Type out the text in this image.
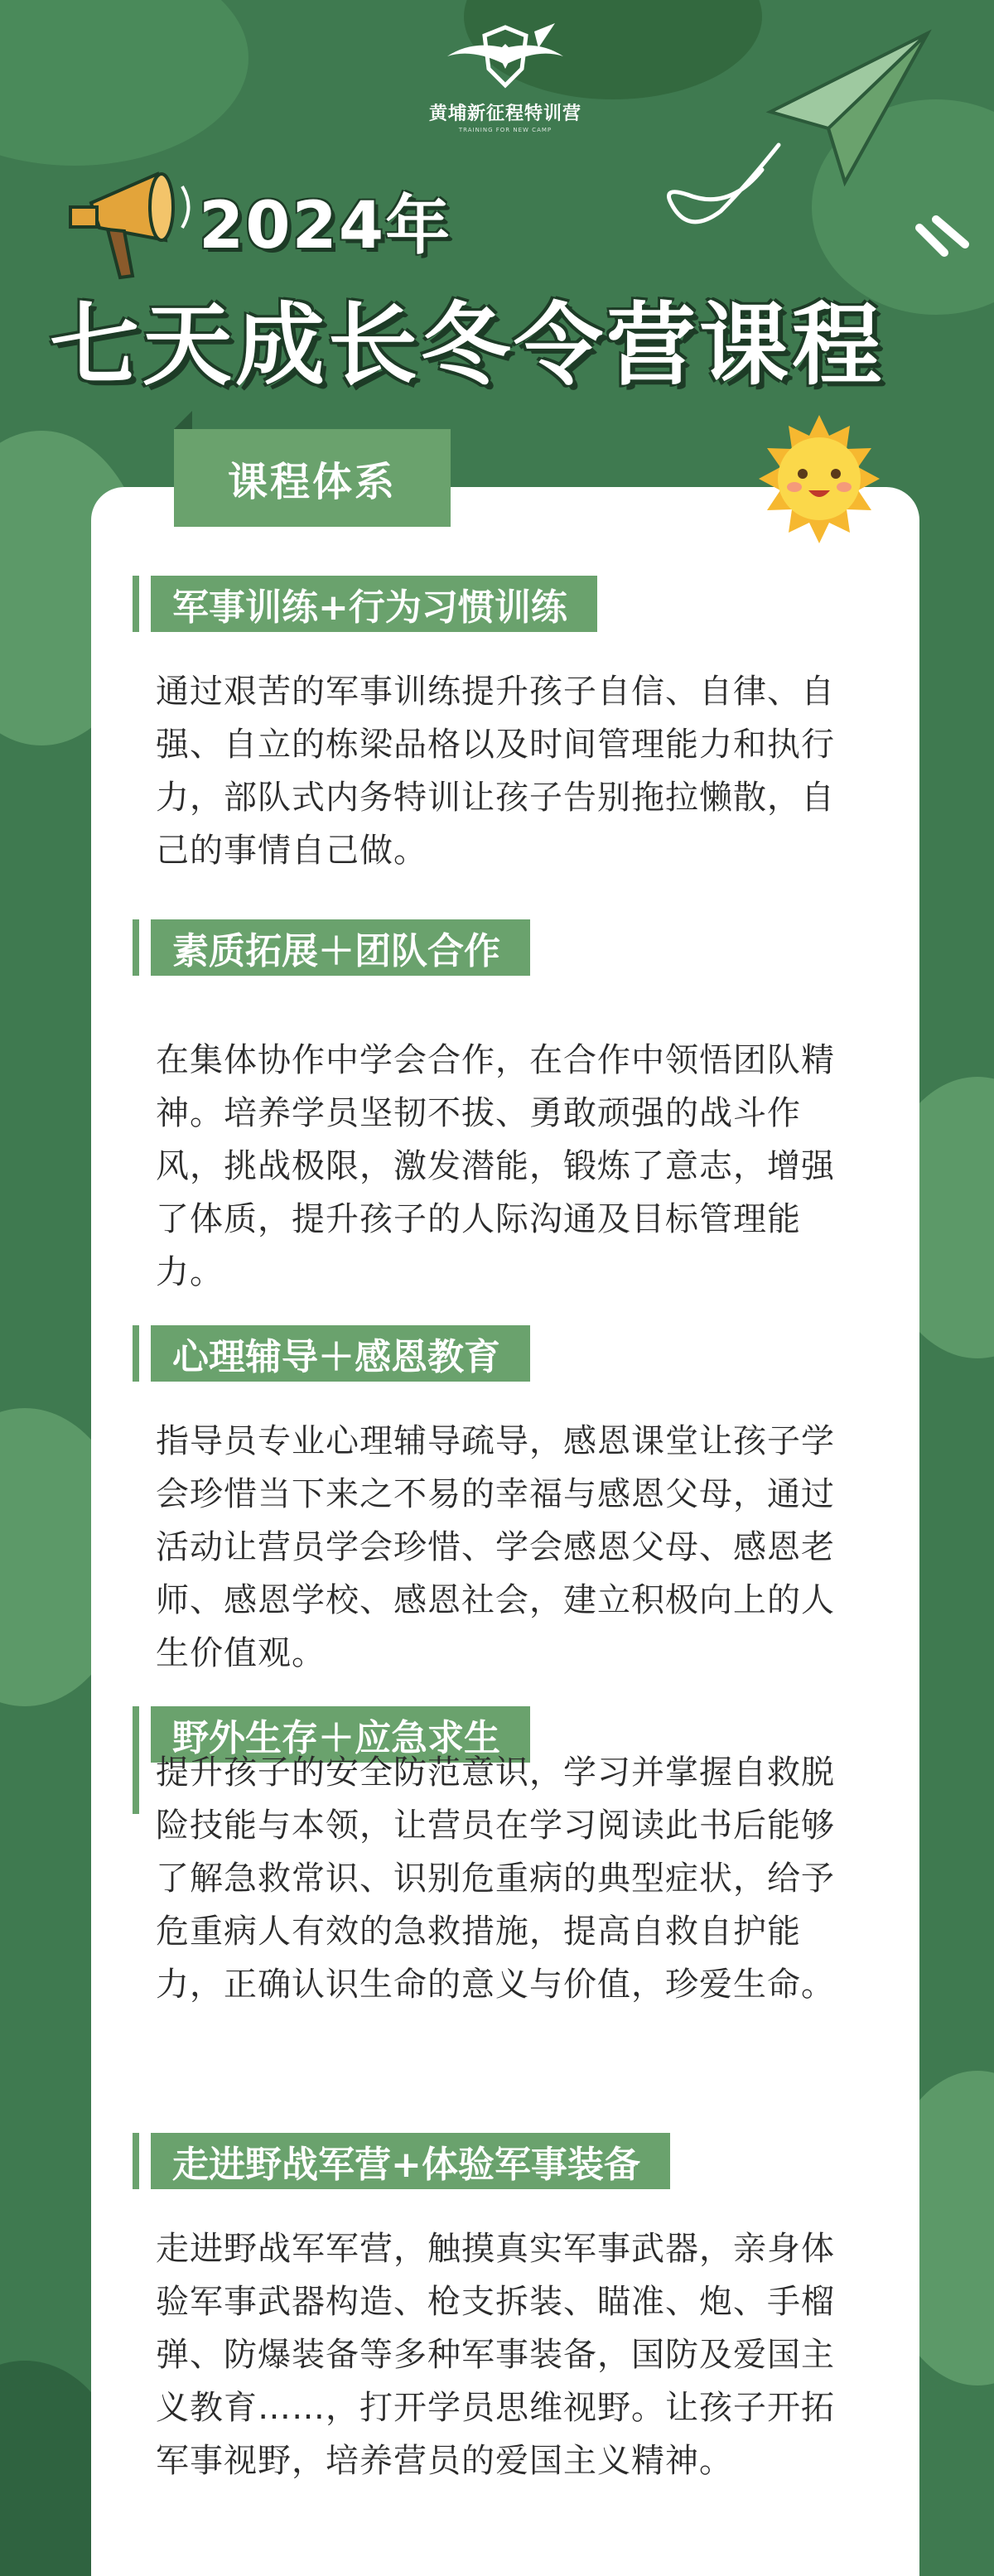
黄埔新征程特训营
TRAINING FOR NEW CAMP
2024年
七天成长冬令营课程
课程体系
军事训练+行为习惯训练
通过艰苦的军事训练提升孩子自信、自律、自强、自立的栋梁品格以及时间管理能力和执行力，部队式内务特训让孩子告别拖拉懒散，自己的事情自己做。
素质拓展＋团队合作
在集体协作中学会合作，在合作中领悟团队精神。培养学员坚韧不拔、勇敢顽强的战斗作风，挑战极限，激发潜能，锻炼了意志，增强了体质，提升孩子的人际沟通及目标管理能力。
心理辅导＋感恩教育
指导员专业心理辅导疏导，感恩课堂让孩子学会珍惜当下来之不易的幸福与感恩父母，通过活动让营员学会珍惜、学会感恩父母、感恩老师、感恩学校、感恩社会，建立积极向上的人生价值观。
野外生存＋应急求生
提升孩子的安全防范意识，学习并掌握自救脱险技能与本领，让营员在学习阅读此书后能够了解急救常识、识别危重病的典型症状，给予危重病人有效的急救措施，提高自救自护能力，正确认识生命的意义与价值，珍爱生命。
走进野战军营+体验军事装备
走进野战军军营，触摸真实军事武器，亲身体验军事武器构造、枪支拆装、瞄准、炮、手榴弹、防爆装备等多种军事装备，国防及爱国主义教育……，打开学员思维视野。让孩子开拓军事视野，培养营员的爱国主义精神。
